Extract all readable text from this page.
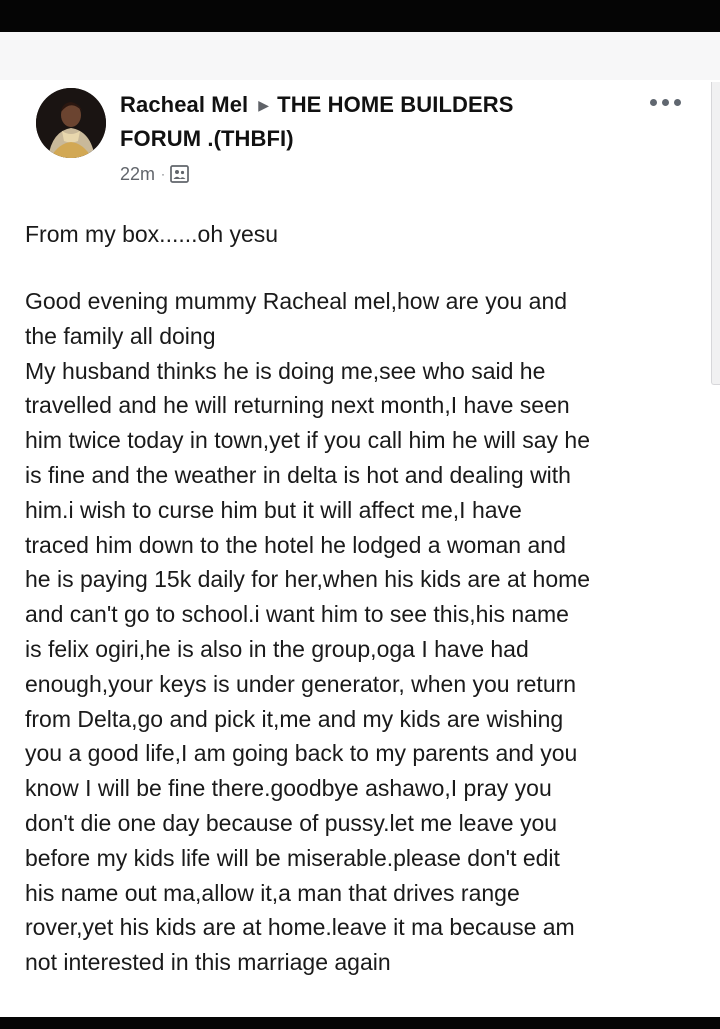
Racheal Mel ▶ THE HOME BUILDERS FORUM .(THBFI)
22m ·
From my box......oh yesu
Good evening mummy Racheal mel,how are you and
the family all doing
My husband thinks he is doing me,see who said he
travelled and he will returning next month,I have seen
him twice today in town,yet if you call him he will say he
is fine and the weather in delta is hot and dealing with
him.i wish to curse him but it will affect me,I have
traced him down to the hotel he lodged a woman and
he is paying 15k daily for her,when his kids are at home
and can't go to school.i want him to see this,his name
is felix ogiri,he is also in the group,oga I have had
enough,your keys is under generator, when you return
from Delta,go and pick it,me and my kids are wishing
you a good life,I am going back to my parents and you
know I will be fine there.goodbye ashawo,I pray you
don't die one day because of pussy.let me leave you
before my kids life will be miserable.please don't edit
his name out ma,allow it,a man that drives range
rover,yet his kids are at home.leave it ma because am
not interested in this marriage again
